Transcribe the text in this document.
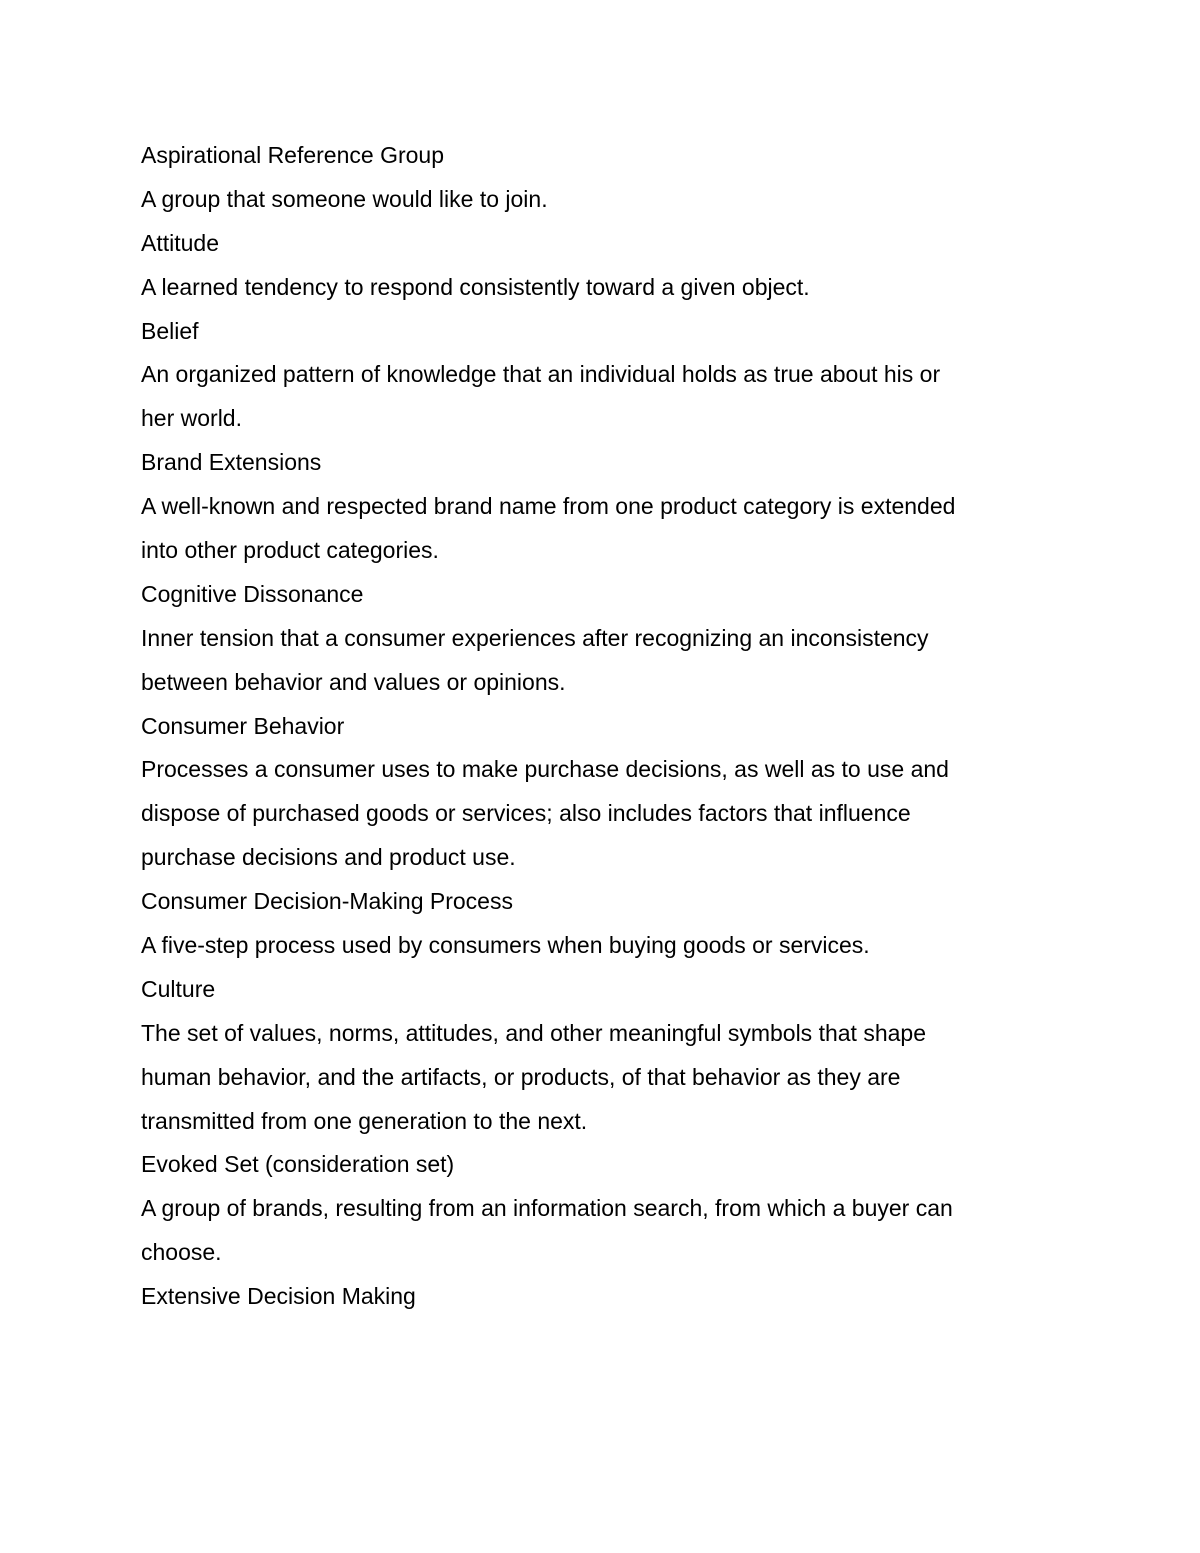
Aspirational Reference Group
A group that someone would like to join.
Attitude
A learned tendency to respond consistently toward a given object.
Belief
An organized pattern of knowledge that an individual holds as true about his or
her world.
Brand Extensions
A well-known and respected brand name from one product category is extended
into other product categories.
Cognitive Dissonance
Inner tension that a consumer experiences after recognizing an inconsistency
between behavior and values or opinions.
Consumer Behavior
Processes a consumer uses to make purchase decisions, as well as to use and
dispose of purchased goods or services; also includes factors that influence
purchase decisions and product use.
Consumer Decision-Making Process
A five-step process used by consumers when buying goods or services.
Culture
The set of values, norms, attitudes, and other meaningful symbols that shape
human behavior, and the artifacts, or products, of that behavior as they are
transmitted from one generation to the next.
Evoked Set (consideration set)
A group of brands, resulting from an information search, from which a buyer can
choose.
Extensive Decision Making
